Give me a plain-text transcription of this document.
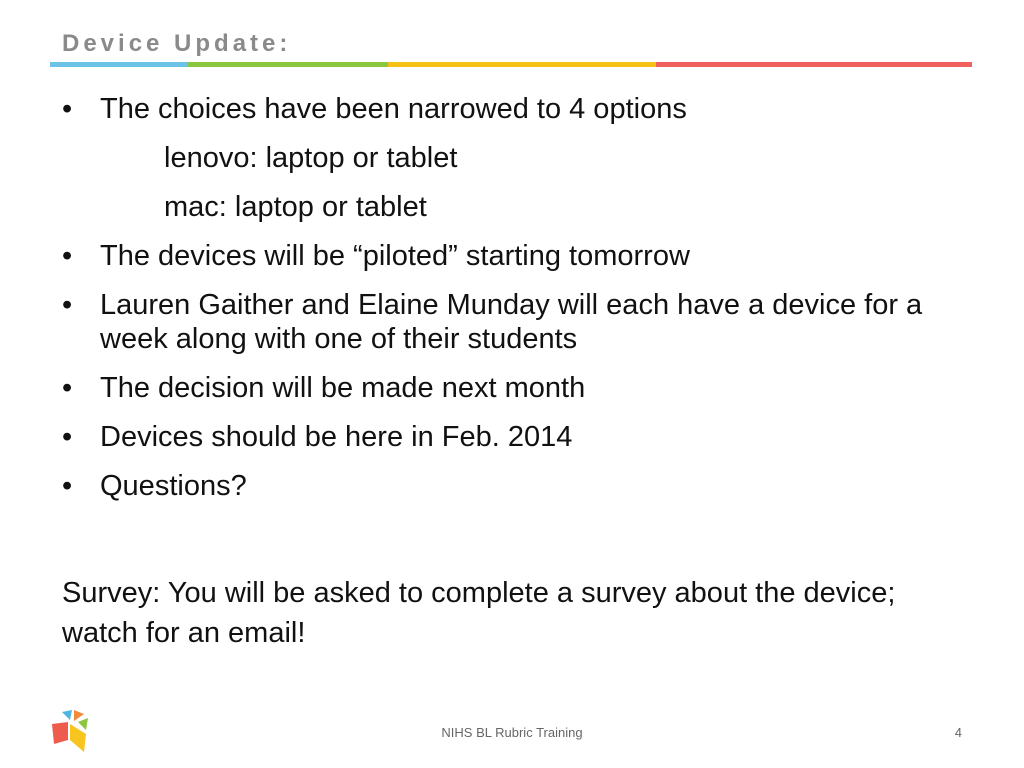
Device Update:
• The choices have been narrowed to 4 options
lenovo: laptop or tablet
mac: laptop or tablet
• The devices will be “piloted” starting tomorrow
• Lauren Gaither and Elaine Munday will each have a device for a week along with one of their students
• The decision will be made next month
• Devices should be here in Feb. 2014
• Questions?

Survey: You will be asked to complete a survey about the device; watch for an email!

NIHS BL Rubric Training	4
